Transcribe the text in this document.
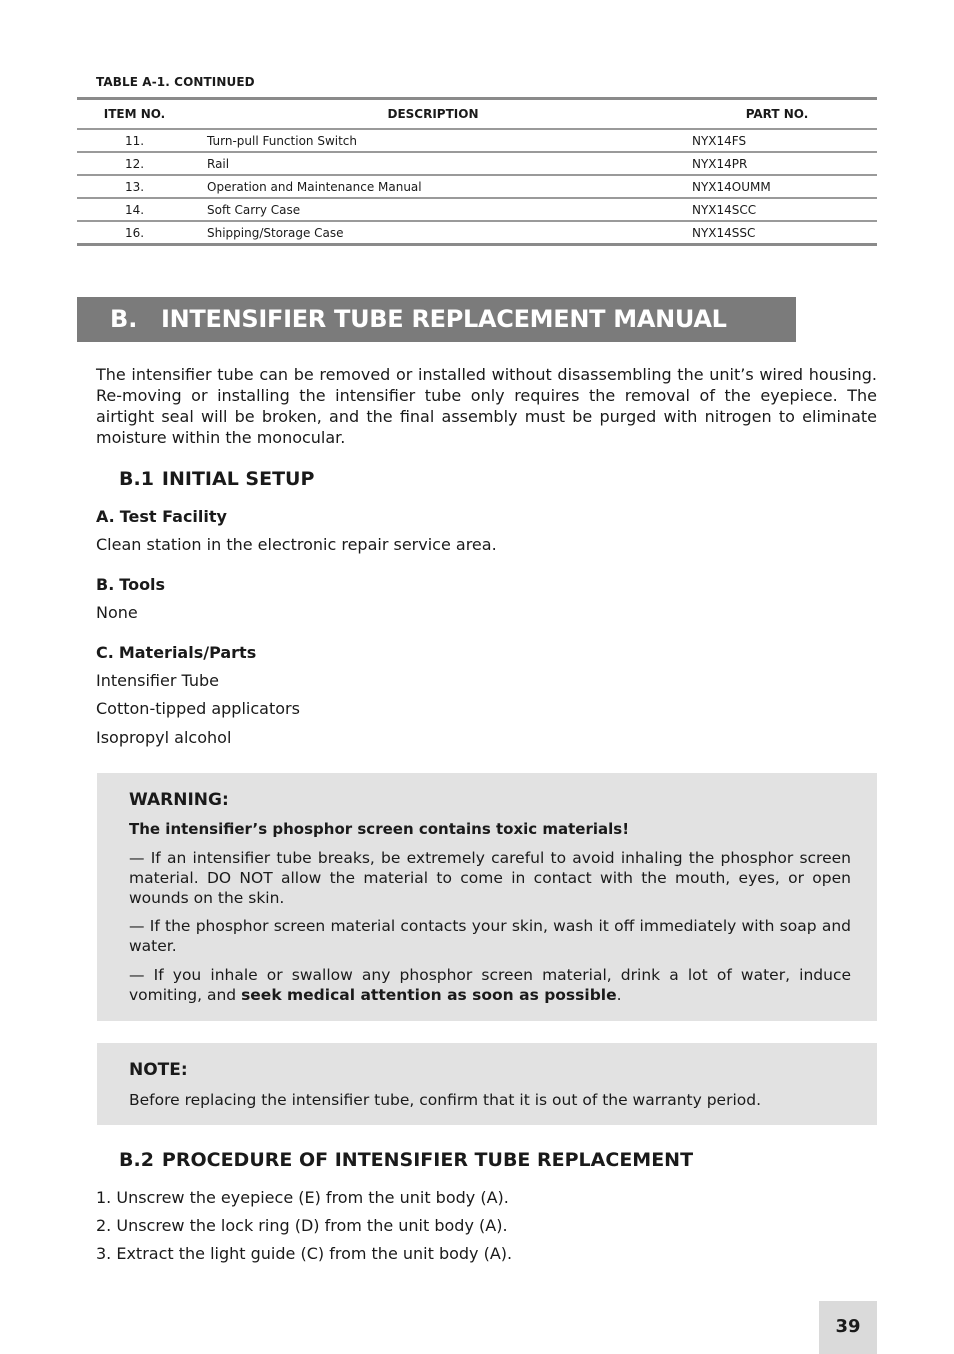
TABLE A-1. CONTINUED
ITEM NO.	DESCRIPTION	PART NO.
11.	Turn-pull Function Switch	NYX14FS
12.	Rail	NYX14PR
13.	Operation and Maintenance Manual	NYX14OUMM
14.	Soft Carry Case	NYX14SCC
16.	Shipping/Storage Case	NYX14SSC
B. INTENSIFIER TUBE REPLACEMENT MANUAL
The intensifier tube can be removed or installed without disassembling the unit’s wired housing. Re-moving or installing the intensifier tube only requires the removal of the eyepiece. The airtight seal will be broken, and the final assembly must be purged with nitrogen to eliminate moisture within the monocular.
B.1 INITIAL SETUP
A. Test Facility
Clean station in the electronic repair service area.
B. Tools
None
C. Materials/Parts
Intensifier Tube
Cotton-tipped applicators
Isopropyl alcohol
WARNING:
The intensifier’s phosphor screen contains toxic materials!
— If an intensifier tube breaks, be extremely careful to avoid inhaling the phosphor screen material. DO NOT allow the material to come in contact with the mouth, eyes, or open wounds on the skin.
— If the phosphor screen material contacts your skin, wash it off immediately with soap and water.
— If you inhale or swallow any phosphor screen material, drink a lot of water, induce vomiting, and seek medical attention as soon as possible.
NOTE:
Before replacing the intensifier tube, confirm that it is out of the warranty period.
B.2 PROCEDURE OF INTENSIFIER TUBE REPLACEMENT
1. Unscrew the eyepiece (E) from the unit body (A).
2. Unscrew the lock ring (D) from the unit body (A).
3. Extract the light guide (C) from the unit body (A).
39
